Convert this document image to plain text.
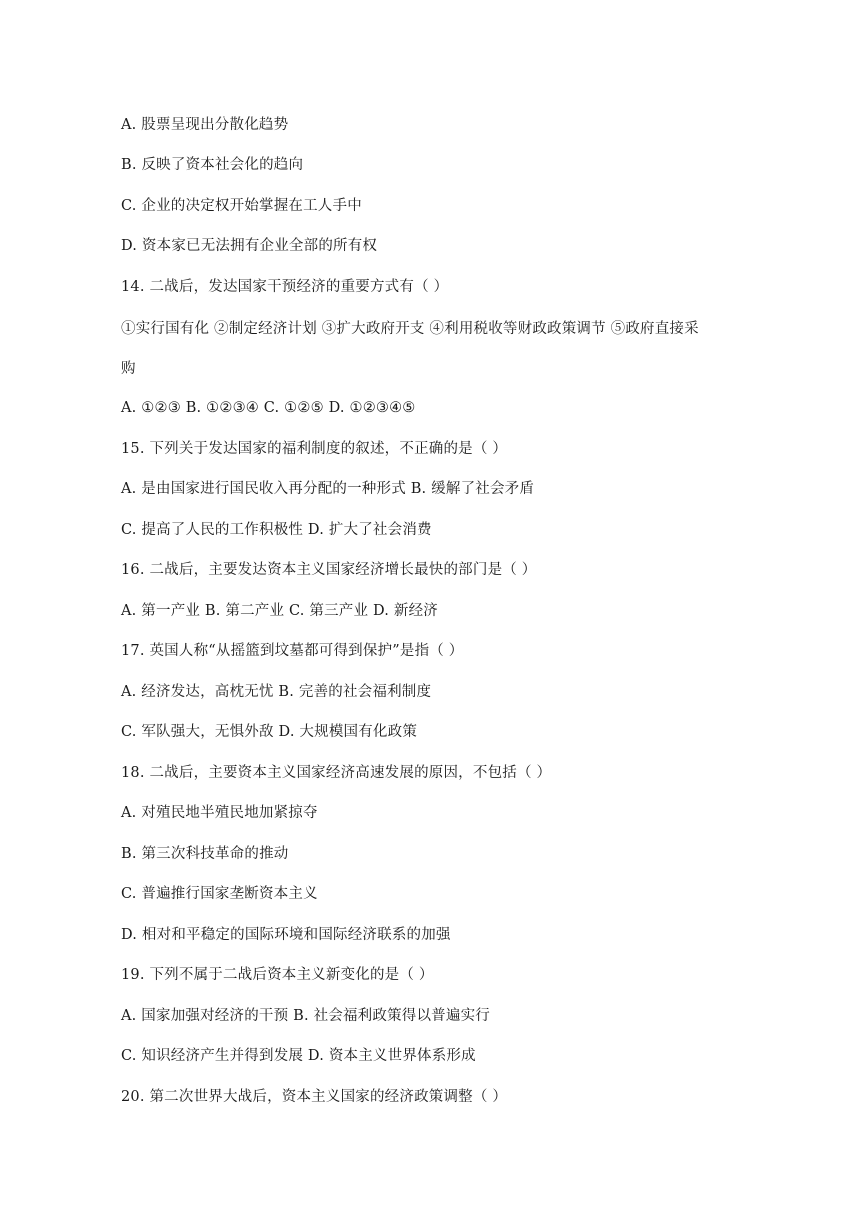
A. 股票呈现出分散化趋势
B. 反映了资本社会化的趋向
C. 企业的决定权开始掌握在工人手中
D. 资本家已无法拥有企业全部的所有权
14. 二战后，发达国家干预经济的重要方式有（ ）
①实行国有化 ②制定经济计划 ③扩大政府开支 ④利用税收等财政政策调节 ⑤政府直接采
购
A. ①②③ B. ①②③④ C. ①②⑤ D. ①②③④⑤
15. 下列关于发达国家的福利制度的叙述，不正确的是（ ）
A. 是由国家进行国民收入再分配的一种形式 B. 缓解了社会矛盾
C. 提高了人民的工作积极性 D. 扩大了社会消费
16. 二战后，主要发达资本主义国家经济增长最快的部门是（ ）
A. 第一产业 B. 第二产业 C. 第三产业 D. 新经济
17. 英国人称“从摇篮到坟墓都可得到保护”是指（ ）
A. 经济发达，高枕无忧 B. 完善的社会福利制度
C. 军队强大，无惧外敌 D. 大规模国有化政策
18. 二战后，主要资本主义国家经济高速发展的原因，不包括（ ）
A. 对殖民地半殖民地加紧掠夺
B. 第三次科技革命的推动
C. 普遍推行国家垄断资本主义
D. 相对和平稳定的国际环境和国际经济联系的加强
19. 下列不属于二战后资本主义新变化的是（ ）
A. 国家加强对经济的干预 B. 社会福利政策得以普遍实行
C. 知识经济产生并得到发展 D. 资本主义世界体系形成
20. 第二次世界大战后，资本主义国家的经济政策调整（ ）
